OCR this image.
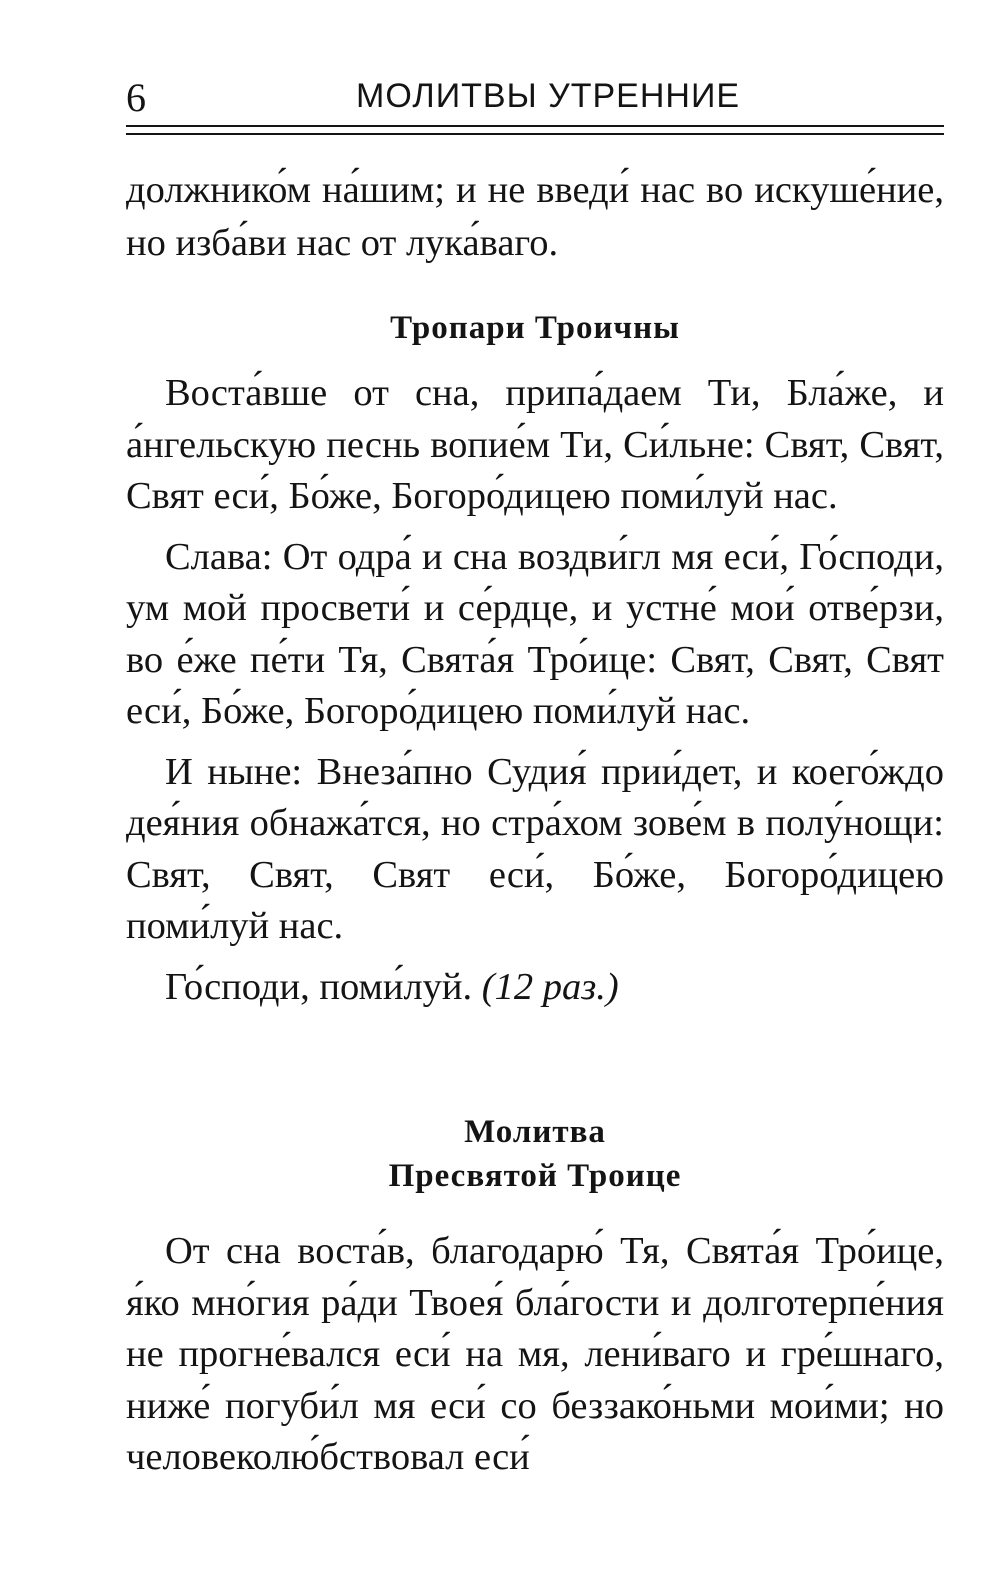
6	МОЛИТВЫ УТРЕННИЕ

должнико́м на́шим; и не введи́ нас во искуше́ние, но изба́ви нас от лука́ваго.

Тропари Троичны

Воста́вше от сна, припа́даем Ти, Бла́же, и а́нгельскую песнь вопие́м Ти, Си́льне: Свят, Свят, Свят еси́, Бо́же, Богоро́дицею поми́луй нас.

Слава: От одра́ и сна воздви́гл мя еси́, Го́споди, ум мой просвети́ и се́рдце, и устне́ мои́ отве́рзи, во е́же пе́ти Тя, Свята́я Тро́ице: Свят, Свят, Свят еси́, Бо́же, Богоро́дицею поми́луй нас.

И ныне: Внеза́пно Судия́ прии́дет, и коего́ждо дея́ния обнажа́тся, но стра́хом зове́м в полу́нощи: Свят, Свят, Свят еси́, Бо́же, Богоро́дицею поми́луй нас.

Го́споди, поми́луй. (12 раз.)

Молитва
Пресвятой Троице

От сна воста́в, благодарю́ Тя, Свята́я Тро́ице, я́ко мно́гия ра́ди Твоея́ бла́гости и долготерпе́ния не прогне́вался еси́ на мя, лени́ваго и гре́шнаго, ниже́ погуби́л мя еси́ со беззако́ньми мои́ми; но человеколю́бствовал еси́
